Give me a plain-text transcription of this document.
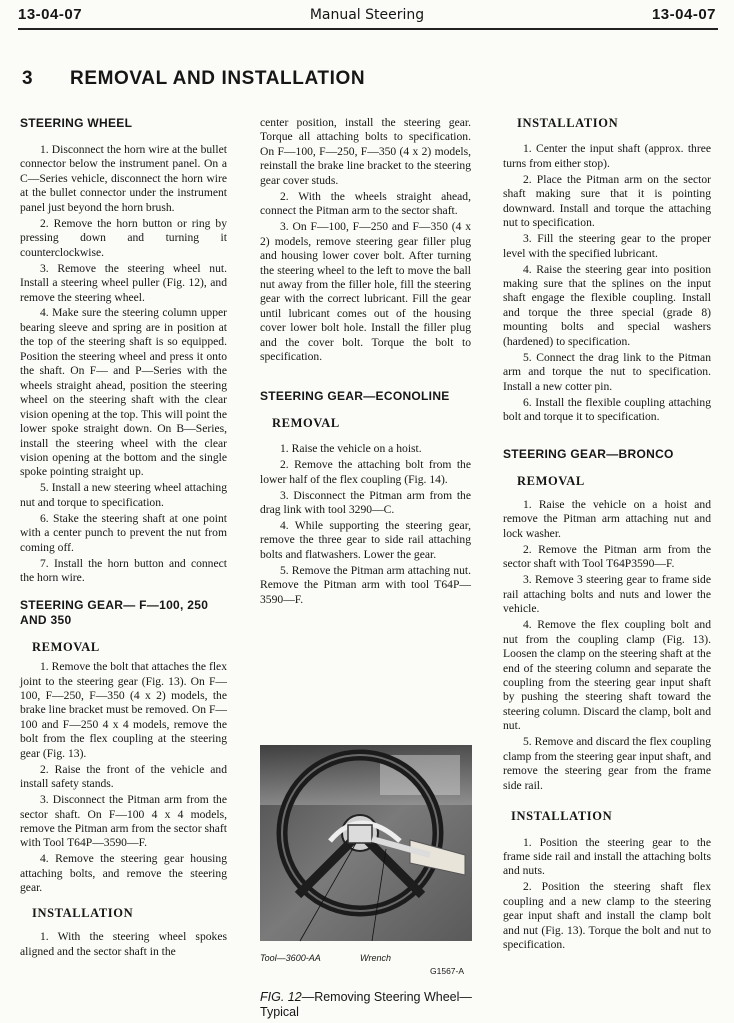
13-04-07	Manual Steering	13-04-07
3 REMOVAL AND INSTALLATION
STEERING WHEEL

1. Disconnect the horn wire at the bullet connector below the instrument panel. On a C—Series vehicle, disconnect the horn wire at the bullet connector under the instrument panel just beyond the horn brush.

2. Remove the horn button or ring by pressing down and turning it counterclockwise.

3. Remove the steering wheel nut. Install a steering wheel puller (Fig. 12), and remove the steering wheel.

4. Make sure the steering column upper bearing sleeve and spring are in position at the top of the steering shaft is so equipped. Position the steering wheel and press it onto the shaft. On F— and P—Series with the wheels straight ahead, position the steering wheel on the steering shaft with the clear vision opening at the top. This will point the lower spoke straight down. On B—Series, install the steering wheel with the clear vision opening at the bottom and the single spoke pointing straight up.

5. Install a new steering wheel attaching nut and torque to specification.

6. Stake the steering shaft at one point with a center punch to prevent the nut from coming off.

7. Install the horn button and connect the horn wire.

STEERING GEAR— F—100, 250 AND 350
REMOVAL

1. Remove the bolt that attaches the flex joint to the steering gear (Fig. 13). On F—100, F—250, F—350 (4 x 2) models, the brake line bracket must be removed. On F—100 and F—250 4 x 4 models, remove the bolt from the flex coupling at the steering gear (Fig. 13).

2. Raise the front of the vehicle and install safety stands.

3. Disconnect the Pitman arm from the sector shaft. On F—100 4 x 4 models, remove the Pitman arm from the sector shaft with Tool T64P—3590—F.

4. Remove the steering gear housing attaching bolts, and remove the steering gear.

INSTALLATION

1. With the steering wheel spokes aligned and the sector shaft in the

center position, install the steering gear. Torque all attaching bolts to specification. On F—100, F—250, F—350 (4 x 2) models, reinstall the brake line bracket to the steering gear cover studs.

2. With the wheels straight ahead, connect the Pitman arm to the sector shaft.

3. On F—100, F—250 and F—350 (4 x 2) models, remove steering gear filler plug and housing lower cover bolt. After turning the steering wheel to the left to move the ball nut away from the filler hole, fill the steering gear with the correct lubricant. Fill the gear until lubricant comes out of the housing cover lower bolt hole. Install the filler plug and the cover bolt. Torque the bolt to specification.

STEERING GEAR—ECONOLINE
REMOVAL

1. Raise the vehicle on a hoist.

2. Remove the attaching bolt from the lower half of the flex coupling (Fig. 14).

3. Disconnect the Pitman arm from the drag link with tool 3290—C.

4. While supporting the steering gear, remove the three gear to side rail attaching bolts and flatwashers. Lower the gear.

5. Remove the Pitman arm attaching nut. Remove the Pitman arm with tool T64P—3590—F.

Tool—3600-AA	Wrench
G1567-A
FIG. 12—Removing Steering Wheel—Typical
INSTALLATION

1. Center the input shaft (approx. three turns from either stop).

2. Place the Pitman arm on the sector shaft making sure that it is pointing downward. Install and torque the attaching nut to specification.

3. Fill the steering gear to the proper level with the specified lubricant.

4. Raise the steering gear into position making sure that the splines on the input shaft engage the flexible coupling. Install and torque the three special (grade 8) mounting bolts and special washers (hardened) to specification.

5. Connect the drag link to the Pitman arm and torque the nut to specification. Install a new cotter pin.

6. Install the flexible coupling attaching bolt and torque it to specification.

STEERING GEAR—BRONCO
REMOVAL

1. Raise the vehicle on a hoist and remove the Pitman arm attaching nut and lock washer.

2. Remove the Pitman arm from the sector shaft with Tool T64P3590—F.

3. Remove 3 steering gear to frame side rail attaching bolts and nuts and lower the vehicle.

4. Remove the flex coupling bolt and nut from the coupling clamp (Fig. 13). Loosen the clamp on the steering shaft at the end of the steering column and separate the coupling from the steering gear input shaft by pushing the steering shaft toward the steering column. Discard the clamp, bolt and nut.

5. Remove and discard the flex coupling clamp from the steering gear input shaft, and remove the steering gear from the frame side rail.

INSTALLATION

1. Position the steering gear to the frame side rail and install the attaching bolts and nuts.

2. Position the steering shaft flex coupling and a new clamp to the steering gear input shaft and install the clamp bolt and nut (Fig. 13). Torque the bolt and nut to specification.
